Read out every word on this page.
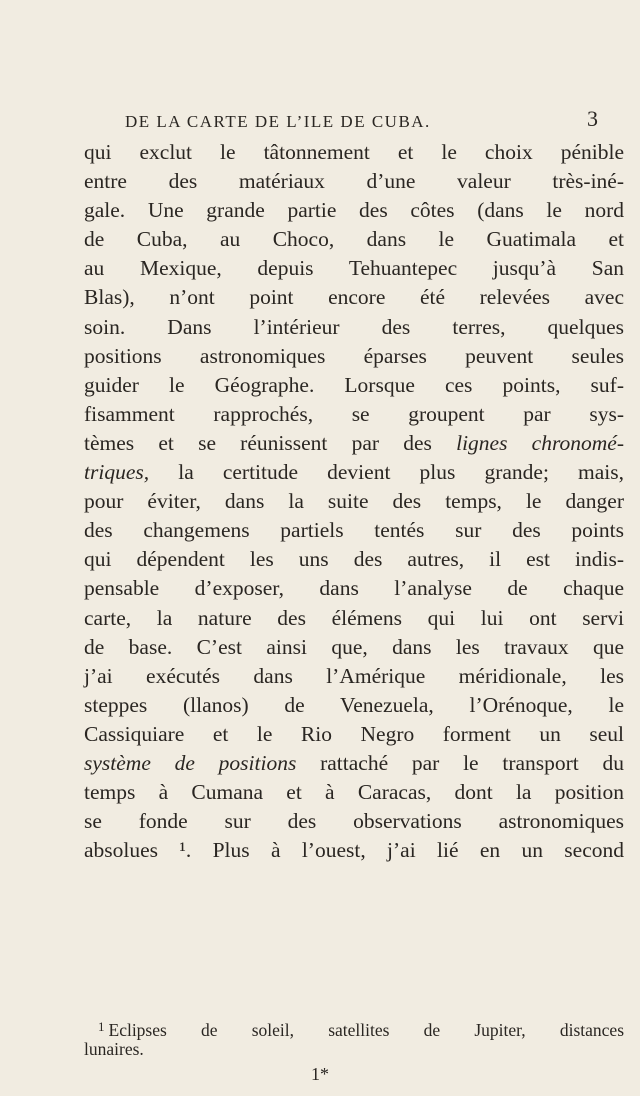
DE LA CARTE DE L’ILE DE CUBA.	3
qui exclut le tâtonnement et le choix pénible
entre des matériaux d’une valeur très-iné-
gale. Une grande partie des côtes (dans le nord
de Cuba, au Choco, dans le Guatimala et
au Mexique, depuis Tehuantepec jusqu’à San
Blas), n’ont point encore été relevées avec
soin. Dans l’intérieur des terres, quelques
positions astronomiques éparses peuvent seules
guider le Géographe. Lorsque ces points, suf-
fisamment rapprochés, se groupent par sys-
tèmes et se réunissent par des lignes chronomé-
triques, la certitude devient plus grande; mais,
pour éviter, dans la suite des temps, le danger
des changemens partiels tentés sur des points
qui dépendent les uns des autres, il est indis-
pensable d’exposer, dans l’analyse de chaque
carte, la nature des élémens qui lui ont servi
de base. C’est ainsi que, dans les travaux que
j’ai exécutés dans l’Amérique méridionale, les
steppes (llanos) de Venezuela, l’Orénoque, le
Cassiquiare et le Rio Negro forment un seul
système de positions rattaché par le transport du
temps à Cumana et à Caracas, dont la position
se fonde sur des observations astronomiques
absolues ¹. Plus à l’ouest, j’ai lié en un second
1 Eclipses de soleil, satellites de Jupiter, distances
lunaires.
1*
